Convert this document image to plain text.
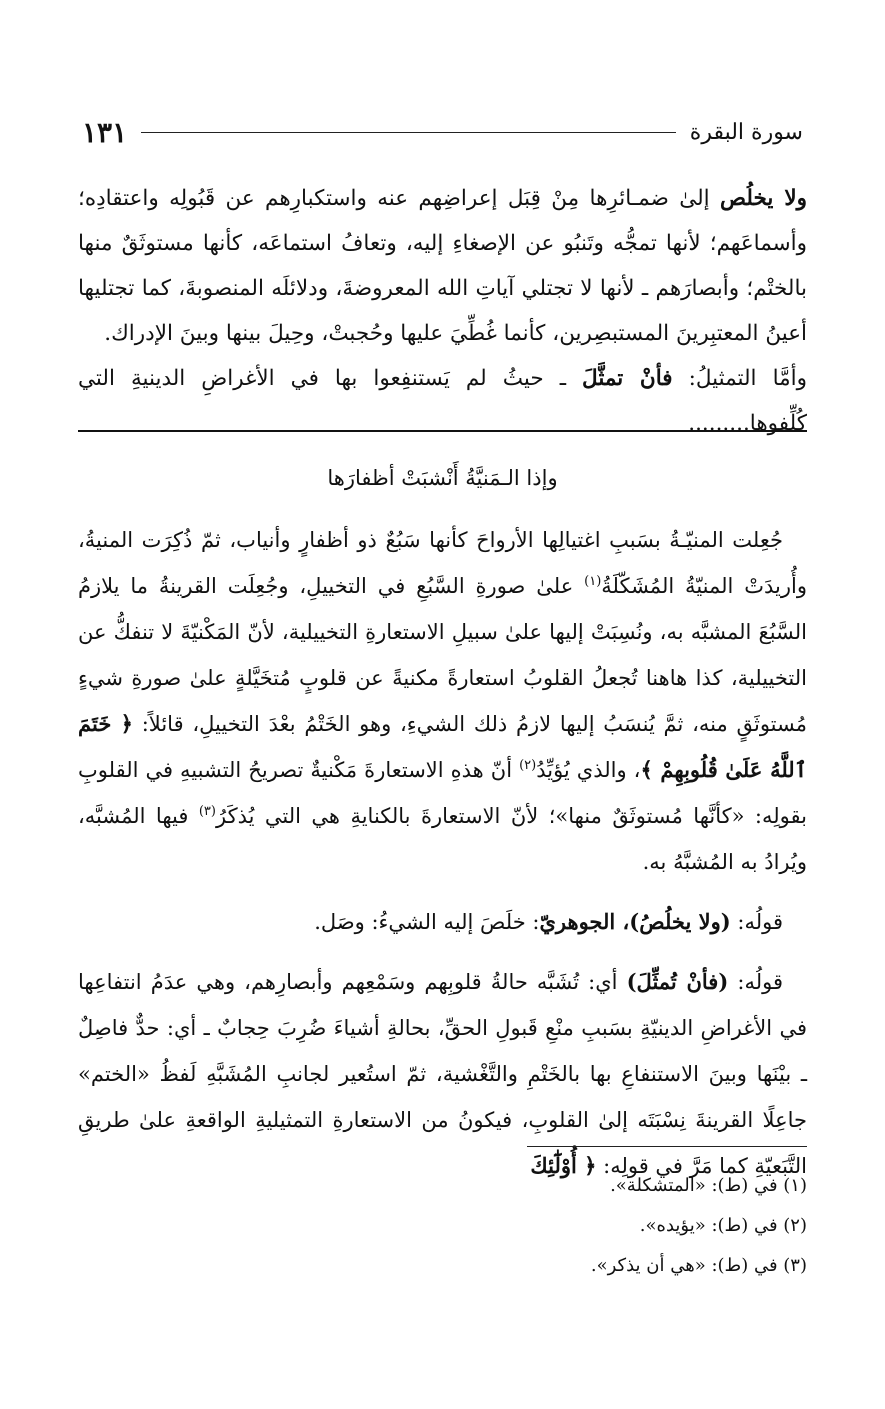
سورة البقرة
١٣١

ولا يخلُص إلىٰ ضمـائرِها مِنْ قِبَل إعراضِهم عنه واستكبارِهم عن قَبُولِه واعتقادِه؛ وأسماعَهم؛ لأنها تمجُّه وتَنبُو عن الإصغاءِ إليه، وتعافُ استماعَه، كأنها مستوثَقٌ منها بالختْم؛ وأبصارَهم ـ لأنها لا تجتلي آياتِ الله المعروضةَ، ودلائلَه المنصوبةَ، كما تجتليها أعينُ المعتبِرينَ المستبصِرين، كأنما غُطِّيَ عليها وحُجبتْ، وحِيلَ بينها وبينَ الإدراك.

وأمَّا التمثيلُ: فأنْ تمثَّلَ ـ حيثُ لم يَستنفِعوا بها في الأغراضِ الدينيةِ التي كُلِّفوها.........

وإذا الـمَنيَّةُ أَنْشبَتْ أظفارَها

جُعِلت المنيّـةُ بسَببِ اغتيالِها الأرواحَ كأنها سَبُعٌ ذو أظفارٍ وأنياب، ثمّ ذُكِرَت المنيةُ، وأُريدَتْ المنيّةُ المُشَكّلَةُ$^{(١)}$ علىٰ صورةِ السَّبُعِ في التخييلِ، وجُعِلَت القرينةُ ما يلازمُ السَّبُعَ المشبَّه به، ونُسِبَتْ إليها علىٰ سبيلِ الاستعارةِ التخييلية، لأنّ المَكْنيّةَ لا تنفكُّ عن التخييلية، كذا هاهنا تُجعلُ القلوبُ استعارةً مكنيةً عن قلوبٍ مُتخَيَّلةٍ علىٰ صورةِ شيءٍ مُستوثَقٍ منه، ثمَّ يُنسَبُ إليها لازمُ ذلك الشيءِ، وهو الخَتْمُ بعْدَ التخييلِ، قائلاً: ﴿ خَتَمَ ٱللَّهُ عَلَىٰ قُلُوبِهِمْ ﴾، والذي يُؤيِّدُ$^{(٢)}$ أنّ هذهِ الاستعارةَ مَكْنيةٌ تصريحُ التشبيهِ في القلوبِ بقولِه: «كأنَّها مُستوثَقٌ منها»؛ لأنّ الاستعارةَ بالكنايةِ هي التي يُذكَرُ$^{(٣)}$ فيها المُشبَّه، ويُرادُ به المُشبَّهُ به.

قولُه: (ولا يخلُصُ)، الجوهريّ: خلَصَ إليه الشيءُ: وصَل.

قولُه: (فأنْ تُمثِّلَ) أي: تُشَبَّه حالةُ قلوبِهم وسَمْعِهم وأبصارِهم، وهي عدَمُ انتفاعِها في الأغراضِ الدينيّةِ بسَببِ منْعِ قَبولِ الحقِّ، بحالةِ أشياءَ ضُرِبَ حِجابٌ ـ أي: حدٌّ فاصِلٌ ـ بيْنَها وبينَ الاستنفاعِ بها بالخَتْمِ والتَّغْشية، ثمّ استُعير لجانبِ المُشَبَّهِ لَفظُ «الختم» جاعِلًا القرينةَ نِسْبَتَه إلىٰ القلوبِ، فيكونُ من الاستعارةِ التمثيليةِ الواقعةِ علىٰ طريقِ التَّبَعيّةِ كما مَرَّ في قولِه: ﴿ أُوْلَٰٓئِكَ

(١) في (ط): «المتشكلة».
(٢) في (ط): «يؤيده».
(٣) في (ط): «هي أن يذكر».
